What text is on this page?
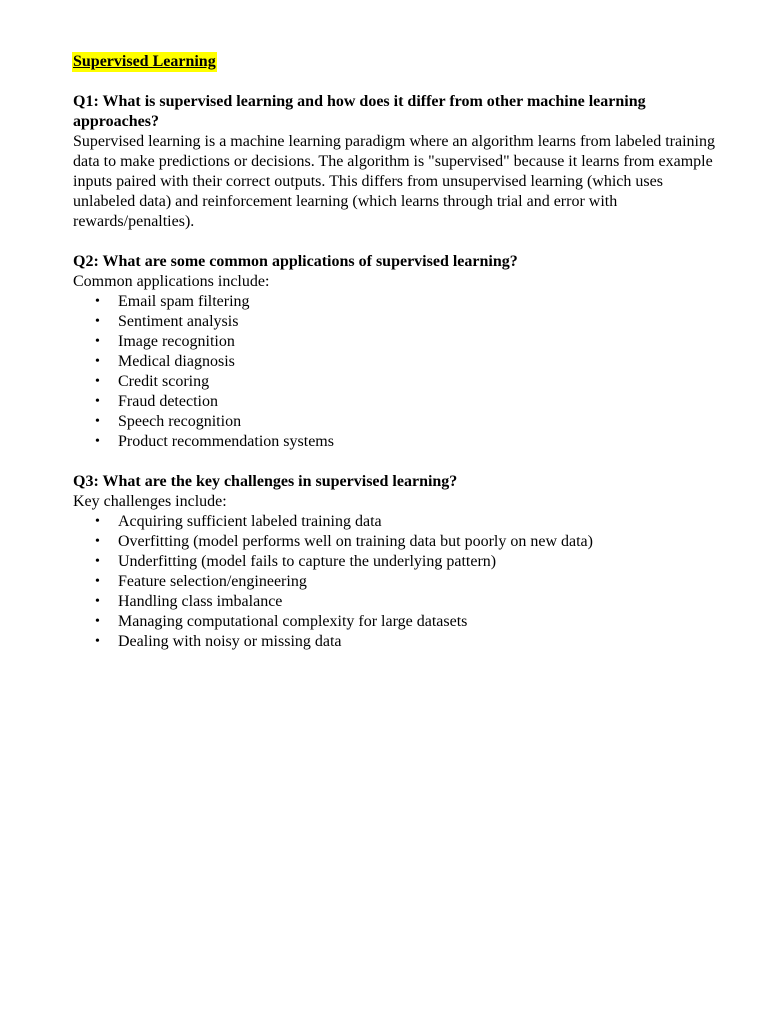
Supervised Learning

Q1: What is supervised learning and how does it differ from other machine learning approaches?

Supervised learning is a machine learning paradigm where an algorithm learns from labeled training data to make predictions or decisions. The algorithm is "supervised" because it learns from example inputs paired with their correct outputs. This differs from unsupervised learning (which uses unlabeled data) and reinforcement learning (which learns through trial and error with rewards/penalties).

Q2: What are some common applications of supervised learning?

Common applications include:

• Email spam filtering
• Sentiment analysis
• Image recognition
• Medical diagnosis
• Credit scoring
• Fraud detection
• Speech recognition
• Product recommendation systems

Q3: What are the key challenges in supervised learning?

Key challenges include:

• Acquiring sufficient labeled training data
• Overfitting (model performs well on training data but poorly on new data)
• Underfitting (model fails to capture the underlying pattern)
• Feature selection/engineering
• Handling class imbalance
• Managing computational complexity for large datasets
• Dealing with noisy or missing data
